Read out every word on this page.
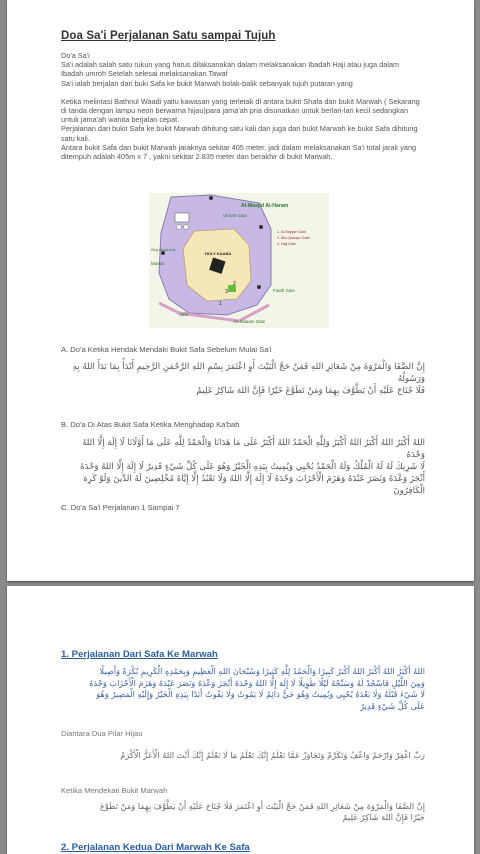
Doa Sa'i Perjalanan Satu sampai Tujuh
Do'a Sa'i
Sa'i adalah salah satu rukun yang harus dilaksanakan dalam melaksanakan Ibadah Haji atau juga dalam Ibadah umroh Setelah selesai melaksanakan Tawaf
Sa'i ialah berjalan dari buki Safa ke bukit Marwah bolak-balik sebanyak tujuh putaran yang
Ketika melintasi Bathnul Waadi yaitu kawasan yang terletak di antara bukit Shafa dan bukit Marwah ( Sekarang di tanda dengan lampu neon berwarna hijau)para jama'ah pria disunatkan untuk berlari-lari kecil sedangkan untuk jama'ah wanita berjalan cepat.
Perjalanan dari bukit Safa ke bukit Marwah dihitung satu kali dan juga dari bukit Marwah ke bukit Safa dihitung satu kali.
Antara bukit Safa dan bukit Marwah jaraknya sekitar 405 meter, jadi dalam melaksanakan Sa'i total jarak yang ditempuh adalah 405m x 7 , yakni sekitar 2.835 meter dan berakhir di bukit Marwah.
Al-Masjid Al-Haram
Umrah Gate
1. Al-Rayyan Gate
2. Abu-Qubays Gate
3. Hajj Gate
King Abdul Aziz
HOLY KAABA
2
3
1
Fatah Gate
As-Salaam Gate
Safa
Marwa
A. Do'a Ketika Hendak Mendaki Bukit Safa Sebelum Mulai Sa'i
إِنَّ الصَّفَا وَالْمَرْوَةَ مِنْ شَعَائِرِ اللهِ فَمَنْ حَجَّ الْبَيْتَ أَوِ اعْتَمَرَ بِسْمِ اللهِ الرَّحْمَنِ الرَّحِيمِ أَبْدَأُ بِمَا بَدَأَ اللهُ بِهِ وَرَسُولُهُ
فَلَا جُنَاحَ عَلَيْهِ أَنْ يَطَّوَّفَ بِهِمَا وَمَنْ تَطَوَّعَ خَيْرًا فَإِنَّ اللهَ شَاكِرٌ عَلِيمٌ
B. Do'a Di Atas Bukit Safa Ketika Menghadap Ka'bah
اللهُ أَكْبَرُ اللهُ أَكْبَرُ اللهُ أَكْبَرُ وَلِلَّهِ الْحَمْدُ اللهُ أَكْبَرُ عَلَى مَا هَدَانَا وَالْحَمْدُ لِلَّهِ عَلَى مَا أَوْلَانَا لَا إِلَهَ إِلَّا اللهُ وَحْدَهُ
لَا شَرِيكَ لَهُ لَهُ الْمُلْكُ وَلَهُ الْحَمْدُ يُحْيِي وَيُمِيتُ بِيَدِهِ الْخَيْرُ وَهُوَ عَلَى كُلِّ شَيْءٍ قَدِيرٌ لَا إِلَهَ إِلَّا اللهُ وَحْدَهُ
أَنْجَزَ وَعْدَهُ وَنَصَرَ عَبْدَهُ وَهَزَمَ الْأَحْزَابَ وَحْدَهُ لَا إِلَهَ إِلَّا اللهُ وَلَا نَعْبُدُ إِلَّا إِيَّاهُ مُخْلِصِينَ لَهُ الدِّينَ وَلَوْ كَرِهَ
الْكَافِرُونَ
C. Do'a Sa'i Perjalanan 1 Sampai 7
1. Perjalanan Dari Safa Ke Marwah
اللهُ أَكْبَرُ اللهُ أَكْبَرُ اللهُ أَكْبَرُ كَبِيرًا وَالْحَمْدُ لِلَّهِ كَثِيرًا وَسُبْحَانَ اللهِ الْعَظِيمِ وَبِحَمْدِهِ الْكَرِيمِ بُكْرَةً وَأَصِيلًا
وَمِنَ اللَّيْلِ فَاسْجُدْ لَهُ وَسَبِّحْهُ لَيْلًا طَوِيلًا لَا إِلَهَ إِلَّا اللهُ وَحْدَهُ أَنْجَزَ وَعْدَهُ وَنَصَرَ عَبْدَهُ وَهَزَمَ الْأَحْزَابَ وَحْدَهُ
لَا شَيْءَ قَبْلَهُ وَلَا بَعْدَهُ يُحْيِي وَيُمِيتُ وَهُوَ حَيٌّ دَائِمٌ لَا يَمُوتُ وَلَا يَفُوتُ أَبَدًا بِيَدِهِ الْخَيْرُ وَإِلَيْهِ الْمَصِيرُ وَهُوَ
عَلَى كُلِّ شَيْءٍ قَدِيرٌ
Diantara Dua Pilar Hijau
رَبِّ اغْفِرْ وَارْحَمْ وَاعْفُ وَتَكَرَّمْ وَتَجَاوَزْ عَمَّا تَعْلَمُ إِنَّكَ تَعْلَمُ مَا لَا نَعْلَمُ إِنَّكَ أَنْتَ اللهُ الْأَعَزُّ الْأَكْرَمُ
Ketika Mendekati Bukit Marwah
إِنَّ الصَّفَا وَالْمَرْوَةَ مِنْ شَعَائِرِ اللهِ فَمَنْ حَجَّ الْبَيْتَ أَوِ اعْتَمَرَ فَلَا جُنَاحَ عَلَيْهِ أَنْ يَطَّوَّفَ بِهِمَا وَمَنْ تَطَوَّعَ
خَيْرًا فَإِنَّ اللهَ شَاكِرٌ عَلِيمٌ
2. Perjalanan Kedua Dari Marwah Ke Safa
